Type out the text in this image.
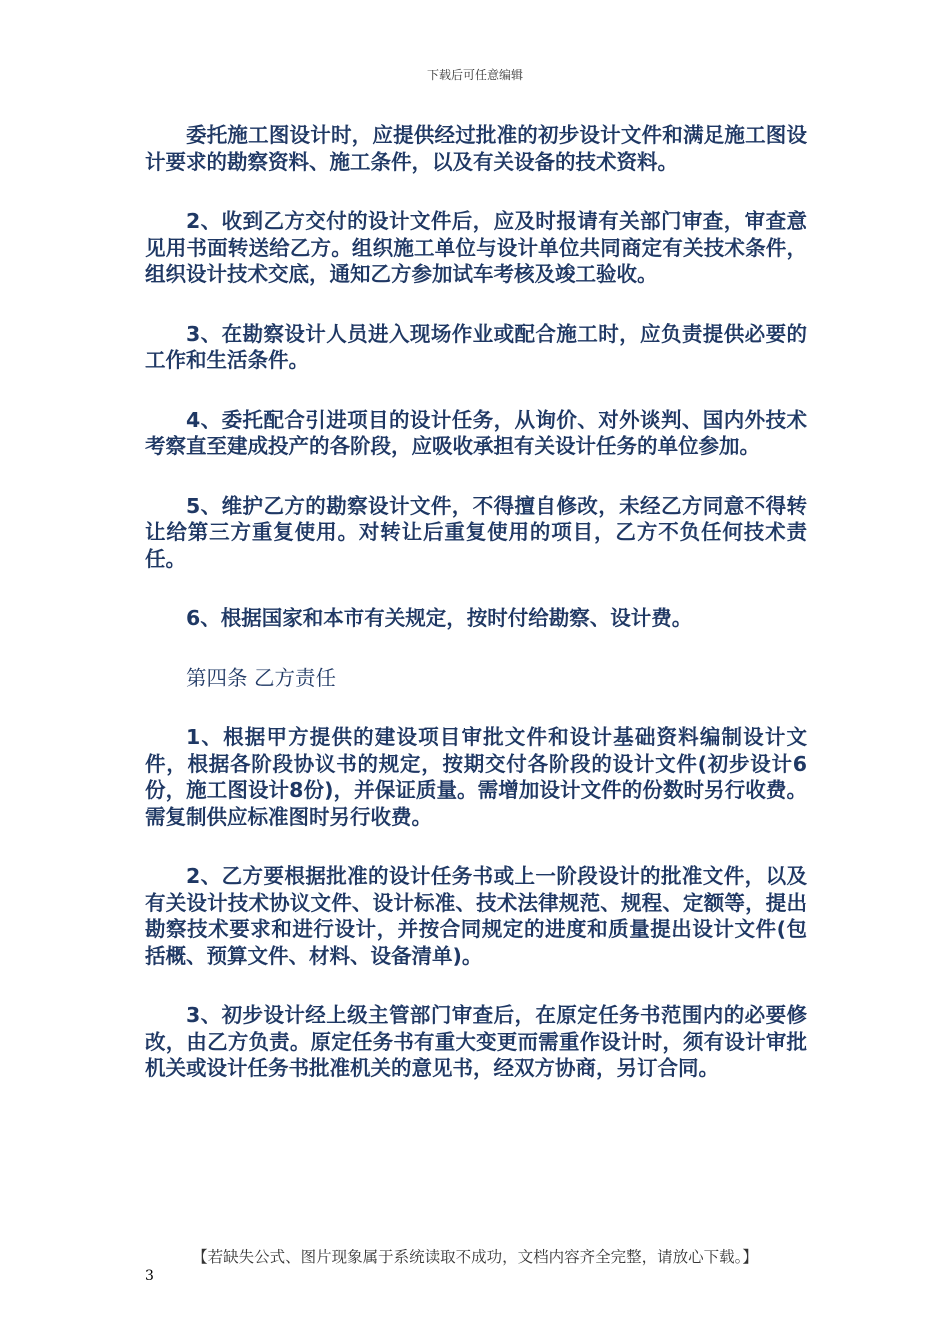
下载后可任意编辑

委托施工图设计时，应提供经过批准的初步设计文件和满足施工图设计要求的勘察资料、施工条件，以及有关设备的技术资料。

2、收到乙方交付的设计文件后，应及时报请有关部门审查，审查意见用书面转送给乙方。组织施工单位与设计单位共同商定有关技术条件，组织设计技术交底，通知乙方参加试车考核及竣工验收。

3、在勘察设计人员进入现场作业或配合施工时，应负责提供必要的工作和生活条件。

4、委托配合引进项目的设计任务，从询价、对外谈判、国内外技术考察直至建成投产的各阶段，应吸收承担有关设计任务的单位参加。

5、维护乙方的勘察设计文件，不得擅自修改，未经乙方同意不得转让给第三方重复使用。对转让后重复使用的项目，乙方不负任何技术责任。

6、根据国家和本市有关规定，按时付给勘察、设计费。

第四条 乙方责任

1、根据甲方提供的建设项目审批文件和设计基础资料编制设计文件，根据各阶段协议书的规定，按期交付各阶段的设计文件(初步设计6份，施工图设计8份)，并保证质量。需增加设计文件的份数时另行收费。需复制供应标准图时另行收费。

2、乙方要根据批准的设计任务书或上一阶段设计的批准文件，以及有关设计技术协议文件、设计标准、技术法律规范、规程、定额等，提出勘察技术要求和进行设计，并按合同规定的进度和质量提出设计文件(包括概、预算文件、材料、设备清单)。

3、初步设计经上级主管部门审查后，在原定任务书范围内的必要修改，由乙方负责。原定任务书有重大变更而需重作设计时，须有设计审批机关或设计任务书批准机关的意见书，经双方协商，另订合同。

【若缺失公式、图片现象属于系统读取不成功，文档内容齐全完整，请放心下载。】
3
